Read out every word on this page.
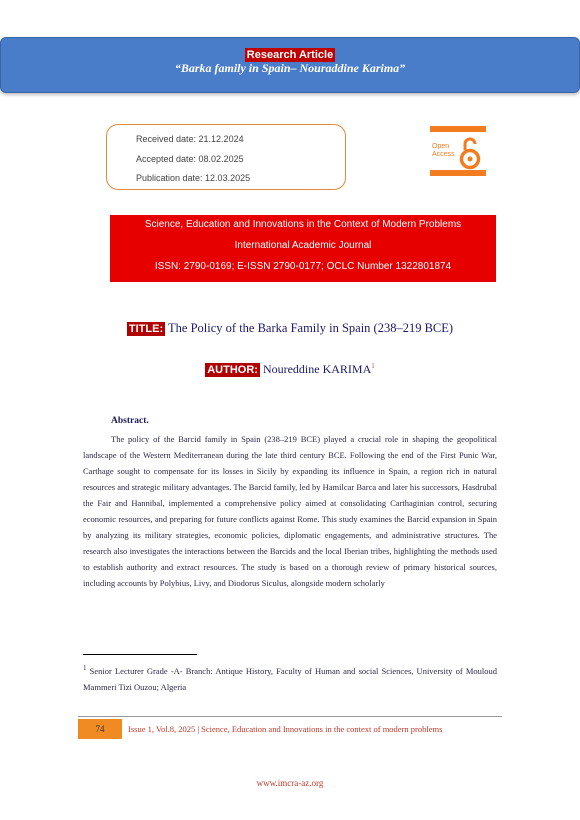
Research Article
“Barka family in Spain– Nouraddine Karima”
Received date: 21.12.2024
Accepted date: 08.02.2025
Publication date: 12.03.2025
Open
Access
Science, Education and Innovations in the Context of Modern Problems
International Academic Journal
ISSN: 2790-0169; E-ISSN 2790-0177; OCLC Number 1322801874
TITLE: The Policy of the Barka Family in Spain (238–219 BCE)
AUTHOR: Noureddine KARIMA$^1$
Abstract.
The policy of the Barcid family in Spain (238–219 BCE) played a crucial role in shaping the geopolitical landscape of the Western Mediterranean during the late third century BCE. Following the end of the First Punic War, Carthage sought to compensate for its losses in Sicily by expanding its influence in Spain, a region rich in natural resources and strategic military advantages. The Barcid family, led by Hamilcar Barca and later his successors, Hasdrubal the Fair and Hannibal, implemented a comprehensive policy aimed at consolidating Carthaginian control, securing economic resources, and preparing for future conflicts against Rome. This study examines the Barcid expansion in Spain by analyzing its military strategies, economic policies, diplomatic engagements, and administrative structures. The research also investigates the interactions between the Barcids and the local Iberian tribes, highlighting the methods used to establish authority and extract resources. The study is based on a thorough review of primary historical sources, including accounts by Polybius, Livy, and Diodorus Siculus, alongside modern scholarly
$^1$ Senior Lecturer Grade -A- Branch: Antique History, Faculty of Human and social Sciences, University of Mouloud Mammeri Tizi Ouzou; Algeria
74	Issue 1, Vol.8, 2025 | Science, Education and Innovations in the context of modern problems
www.imcra-az.org
